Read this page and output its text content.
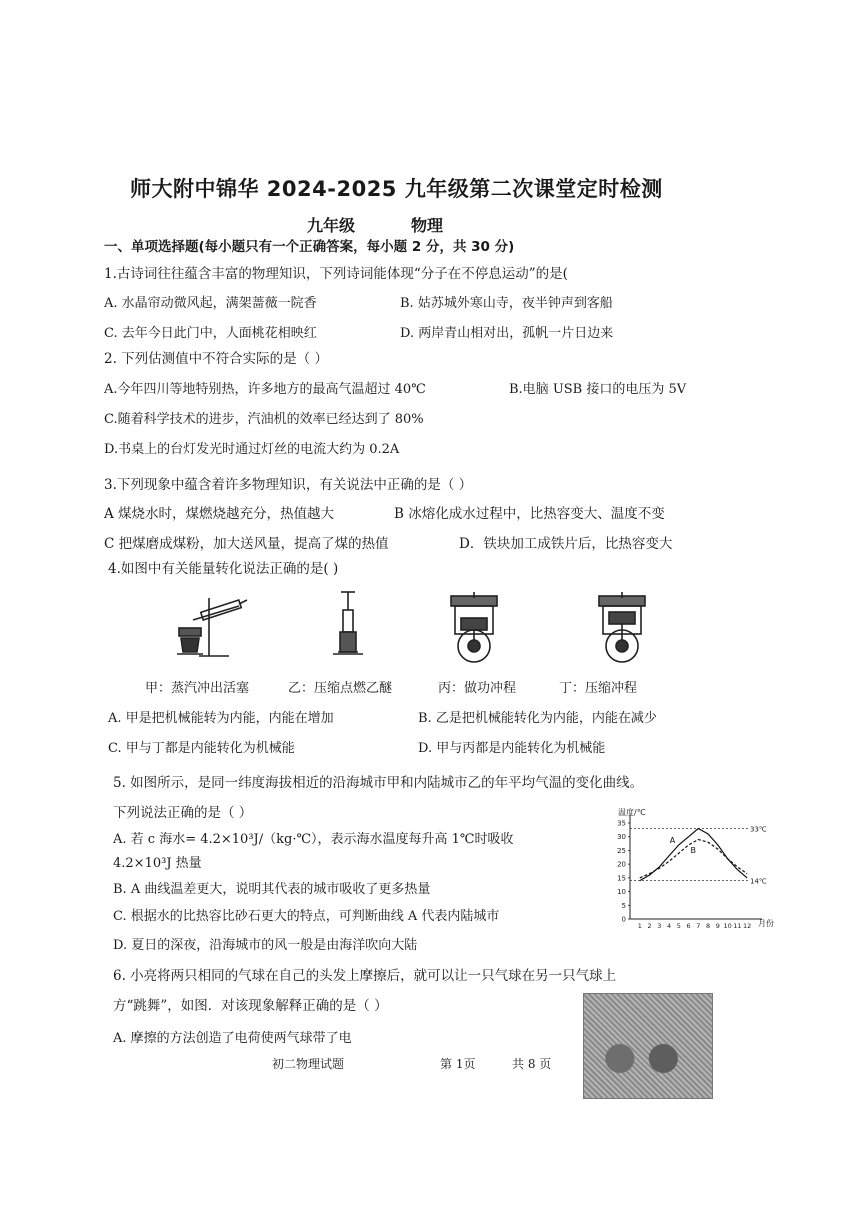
师大附中锦华 2024-2025 九年级第二次课堂定时检测
九年级	物理
一、单项选择题(每小题只有一个正确答案，每小题 2 分，共 30 分)
1.古诗词往往蕴含丰富的物理知识，下列诗词能体现“分子在不停息运动”的是(
A. 水晶帘动微风起，满架蔷薇一院香	B. 姑苏城外寒山寺，夜半钟声到客船
C. 去年今日此门中，人面桃花相映红	D. 两岸青山相对出，孤帆一片日边来
2. 下列估测值中不符合实际的是（ ）
A.今年四川等地特别热，许多地方的最高气温超过 40℃	B.电脑 USB 接口的电压为 5V
C.随着科学技术的进步，汽油机的效率已经达到了 80%
D.书桌上的台灯发光时通过灯丝的电流大约为 0.2A
3.下列现象中蕴含着许多物理知识，有关说法中正确的是（ ）
A 煤烧水时，煤燃烧越充分，热值越大	B 冰熔化成水过程中，比热容变大、温度不变
C 把煤磨成煤粉，加大送风量，提高了煤的热值	D．铁块加工成铁片后，比热容变大
4.如图中有关能量转化说法正确的是( )
甲：蒸汽冲出活塞	乙：压缩点燃乙醚	丙：做功冲程	丁：压缩冲程
A. 甲是把机械能转为内能，内能在增加	B. 乙是把机械能转化为内能，内能在减少
C. 甲与丁都是内能转化为机械能	D. 甲与丙都是内能转化为机械能
5. 如图所示，是同一纬度海拔相近的沿海城市甲和内陆城市乙的年平均气温的变化曲线。
下列说法正确的是（ ）
A. 若 c 海水= 4.2×10³J/（kg·℃），表示海水温度每升高 1℃时吸收
4.2×10³J 热量
B. A 曲线温差更大，说明其代表的城市吸收了更多热量
C. 根据水的比热容比砂石更大的特点，可判断曲线 A 代表内陆城市
D. 夏日的深夜，沿海城市的风一般是由海洋吹向大陆
温度/℃
月份
0
5
10
15
20
25
30
35
1 2 3 4 5 6 7 8 9 10 11 12
33℃
14℃
A
B
6. 小亮将两只相同的气球在自己的头发上摩擦后，就可以让一只气球在另一只气球上
方“跳舞”，如图．对该现象解释正确的是（ ）
A. 摩擦的方法创造了电荷使两气球带了电
初二物理试题	第 1页	共 8 页
